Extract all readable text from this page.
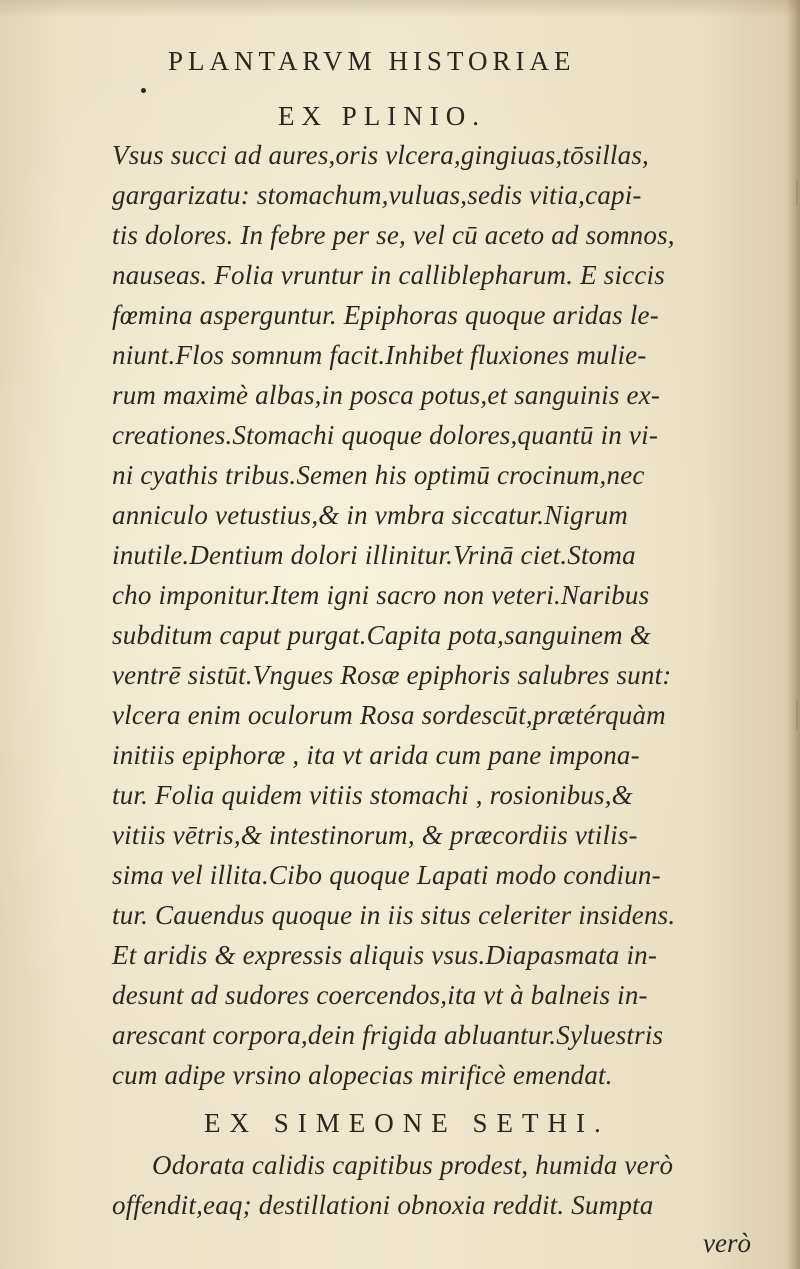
PLANTARVM HISTORIAE
EX PLINIO.
Vsus succi ad aures,oris vlcera,gingiuas,tōsillas,
gargarizatu: stomachum,vuluas,sedis vitia,capi-
tis dolores. In febre per se, vel cū aceto ad somnos,
nauseas. Folia vruntur in calliblepharum. E siccis
fœmina asperguntur. Epiphoras quoque aridas le-
niunt.Flos somnum facit.Inhibet fluxiones mulie-
rum maximè albas,in posca potus,et sanguinis ex-
creationes.Stomachi quoque dolores,quantū in vi-
ni cyathis tribus.Semen his optimū crocinum,nec
anniculo vetustius,& in vmbra siccatur.Nigrum
inutile.Dentium dolori illinitur.Vrinā ciet.Stoma
cho imponitur.Item igni sacro non veteri.Naribus
subditum caput purgat.Capita pota,sanguinem &
ventrē sistūt.Vngues Rosæ epiphoris salubres sunt:
vlcera enim oculorum Rosa sordescūt,prætérquàm
initiis epiphoræ , ita vt arida cum pane impona-
tur. Folia quidem vitiis stomachi , rosionibus,&
vitiis vētris,& intestinorum, & præcordiis vtilis-
sima vel illita.Cibo quoque Lapati modo condiun-
tur. Cauendus quoque in iis situs celeriter insidens.
Et aridis & expressis aliquis vsus.Diapasmata in-
desunt ad sudores coercendos,ita vt à balneis in-
arescant corpora,dein frigida abluantur.Syluestris
cum adipe vrsino alopecias mirificè emendat.
EX SIMEONE SETHI.
Odorata calidis capitibus prodest, humida verò
offendit,eaq; destillationi obnoxia reddit. Sumpta
verò
